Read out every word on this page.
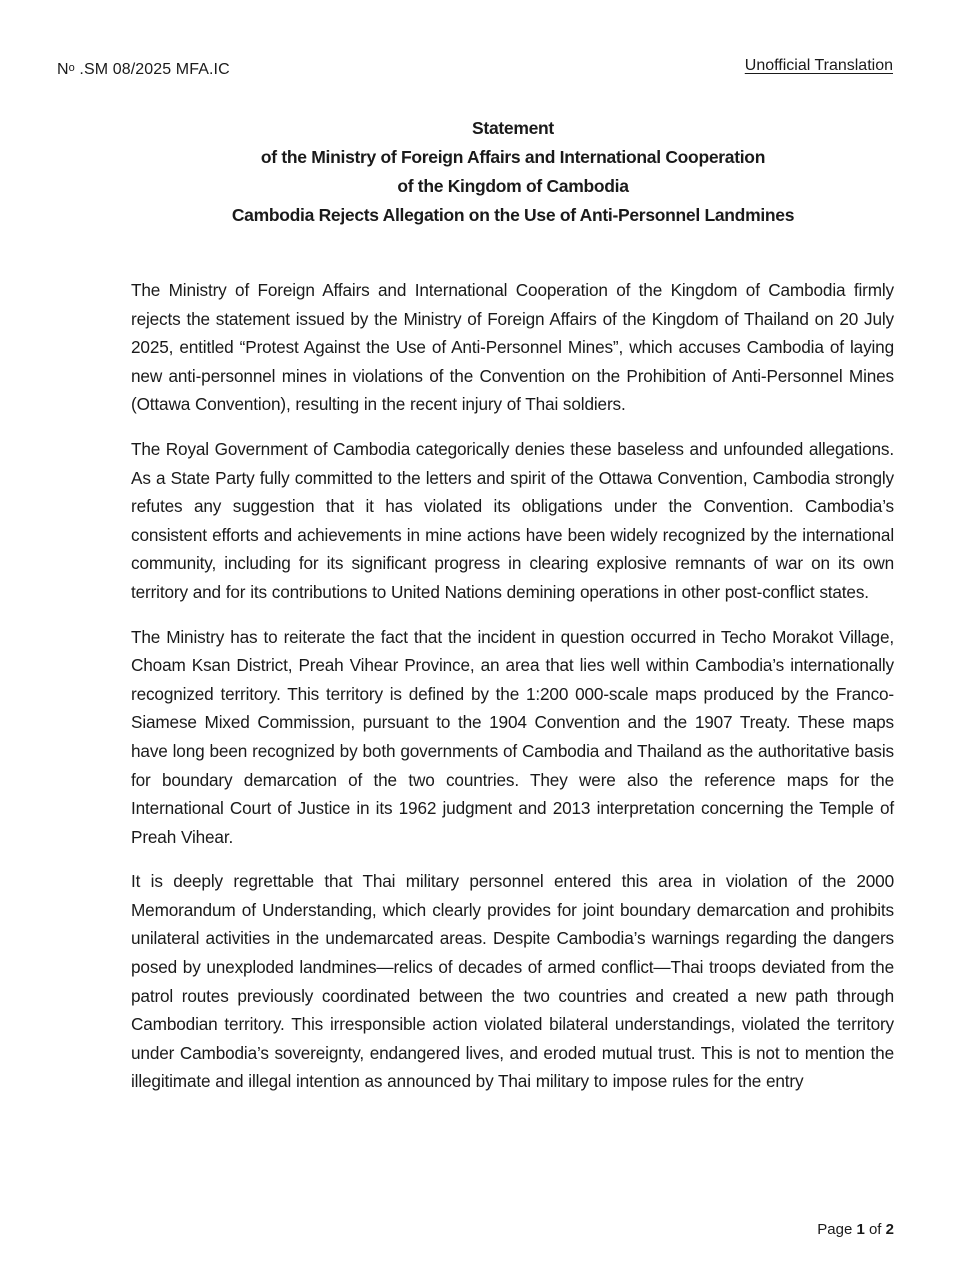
$N^o$ .SM 08/2025 MFA.IC	Unofficial Translation
Statement
of the Ministry of Foreign Affairs and International Cooperation
of the Kingdom of Cambodia
Cambodia Rejects Allegation on the Use of Anti-Personnel Landmines

The Ministry of Foreign Affairs and International Cooperation of the Kingdom of Cambodia firmly rejects the statement issued by the Ministry of Foreign Affairs of the Kingdom of Thailand on 20 July 2025, entitled “Protest Against the Use of Anti-Personnel Mines”, which accuses Cambodia of laying new anti-personnel mines in violations of the Convention on the Prohibition of Anti-Personnel Mines (Ottawa Convention), resulting in the recent injury of Thai soldiers.

The Royal Government of Cambodia categorically denies these baseless and unfounded allegations. As a State Party fully committed to the letters and spirit of the Ottawa Convention, Cambodia strongly refutes any suggestion that it has violated its obligations under the Convention. Cambodia’s consistent efforts and achievements in mine actions have been widely recognized by the international community, including for its significant progress in clearing explosive remnants of war on its own territory and for its contributions to United Nations demining operations in other post-conflict states.

The Ministry has to reiterate the fact that the incident in question occurred in Techo Morakot Village, Choam Ksan District, Preah Vihear Province, an area that lies well within Cambodia’s internationally recognized territory. This territory is defined by the 1:200 000-scale maps produced by the Franco-Siamese Mixed Commission, pursuant to the 1904 Convention and the 1907 Treaty. These maps have long been recognized by both governments of Cambodia and Thailand as the authoritative basis for boundary demarcation of the two countries. They were also the reference maps for the International Court of Justice in its 1962 judgment and 2013 interpretation concerning the Temple of Preah Vihear.

It is deeply regrettable that Thai military personnel entered this area in violation of the 2000 Memorandum of Understanding, which clearly provides for joint boundary demarcation and prohibits unilateral activities in the undemarcated areas. Despite Cambodia’s warnings regarding the dangers posed by unexploded landmines—relics of decades of armed conflict—Thai troops deviated from the patrol routes previously coordinated between the two countries and created a new path through Cambodian territory. This irresponsible action violated bilateral understandings, violated the territory under Cambodia’s sovereignty, endangered lives, and eroded mutual trust. This is not to mention the illegitimate and illegal intention as announced by Thai military to impose rules for the entry

Page 1 of 2
